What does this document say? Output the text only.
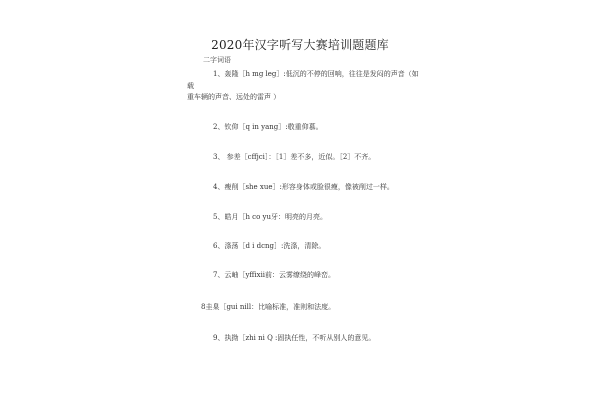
2020年汉字听写大赛培训题题库
二字词语
1、轰隆［h mg leg］:低沉的不停的回响，往往是发闷的声音（如
载
重车辆的声音、远处的雷声 ）
2、钦仰［q in yang］:敬重仰慕。
3、 参差［cffjci］：［1］差不多，近似。［2］不齐。
4、瘦削［she xue］:形容身体或脸很瘦，像被削过一样。
5、皓月［h co yu牙：明亮的月亮。
6、涤荡［d i dcng］:洗涤，清除。
7、云岫［yffixii前：云雾缭绕的峰峦。
8圭臬［gui nill：比喻标准，准则和法度。
9、执拗［zhi ni Q :固执任性，不听从别人的意见。
